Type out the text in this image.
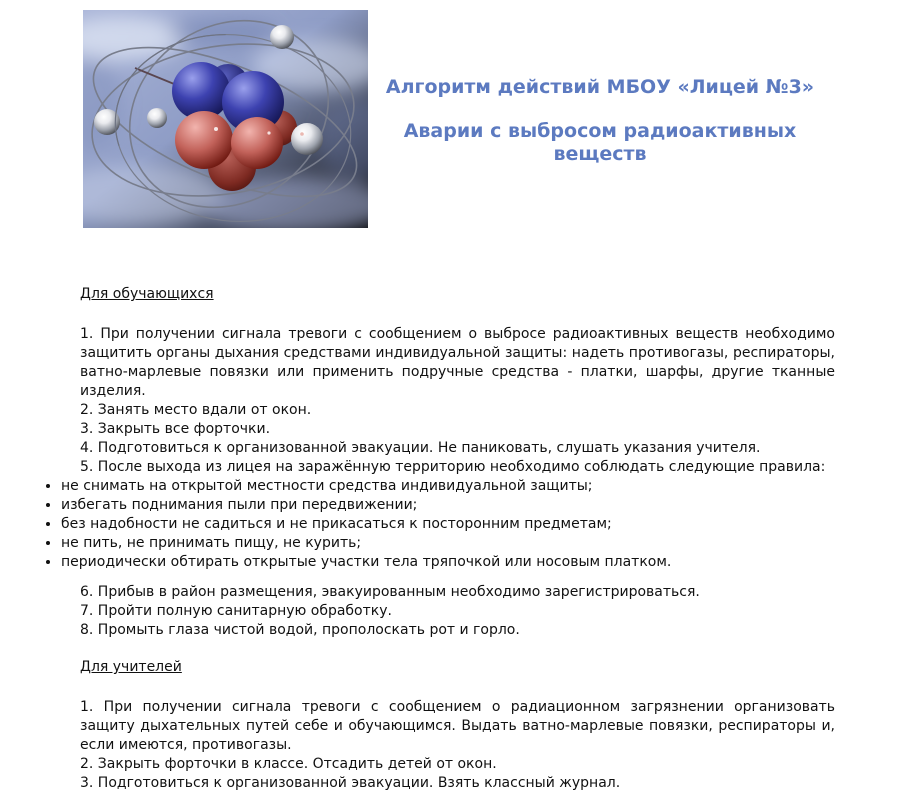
Алгоритм действий МБОУ «Лицей №3»
Аварии с выбросом радиоактивных веществ
Для обучающихся
1. При получении сигнала тревоги с сообщением о выбросе радиоактивных веществ необходимо защитить органы дыхания средствами индивидуальной защиты: надеть противогазы, респираторы, ватно-марлевые повязки или применить подручные средства - платки, шарфы, другие тканные изделия.
2. Занять место вдали от окон.
3. Закрыть все форточки.
4. Подготовиться к организованной эвакуации. Не паниковать, слушать указания учителя.
5. После выхода из лицея на заражённую территорию необходимо соблюдать следующие правила:
• не снимать на открытой местности средства индивидуальной защиты;
• избегать поднимания пыли при передвижении;
• без надобности не садиться и не прикасаться к посторонним предметам;
• не пить, не принимать пищу, не курить;
• периодически обтирать открытые участки тела тряпочкой или носовым платком.
6. Прибыв в район размещения, эвакуированным необходимо зарегистрироваться.
7. Пройти полную санитарную обработку.
8. Промыть глаза чистой водой, прополоскать рот и горло.
Для учителей
1. При получении сигнала тревоги с сообщением о радиационном загрязнении организовать защиту дыхательных путей себе и обучающимся. Выдать ватно-марлевые повязки, респираторы и, если имеются, противогазы.
2. Закрыть форточки в классе. Отсадить детей от окон.
3. Подготовиться к организованной эвакуации. Взять классный журнал.
